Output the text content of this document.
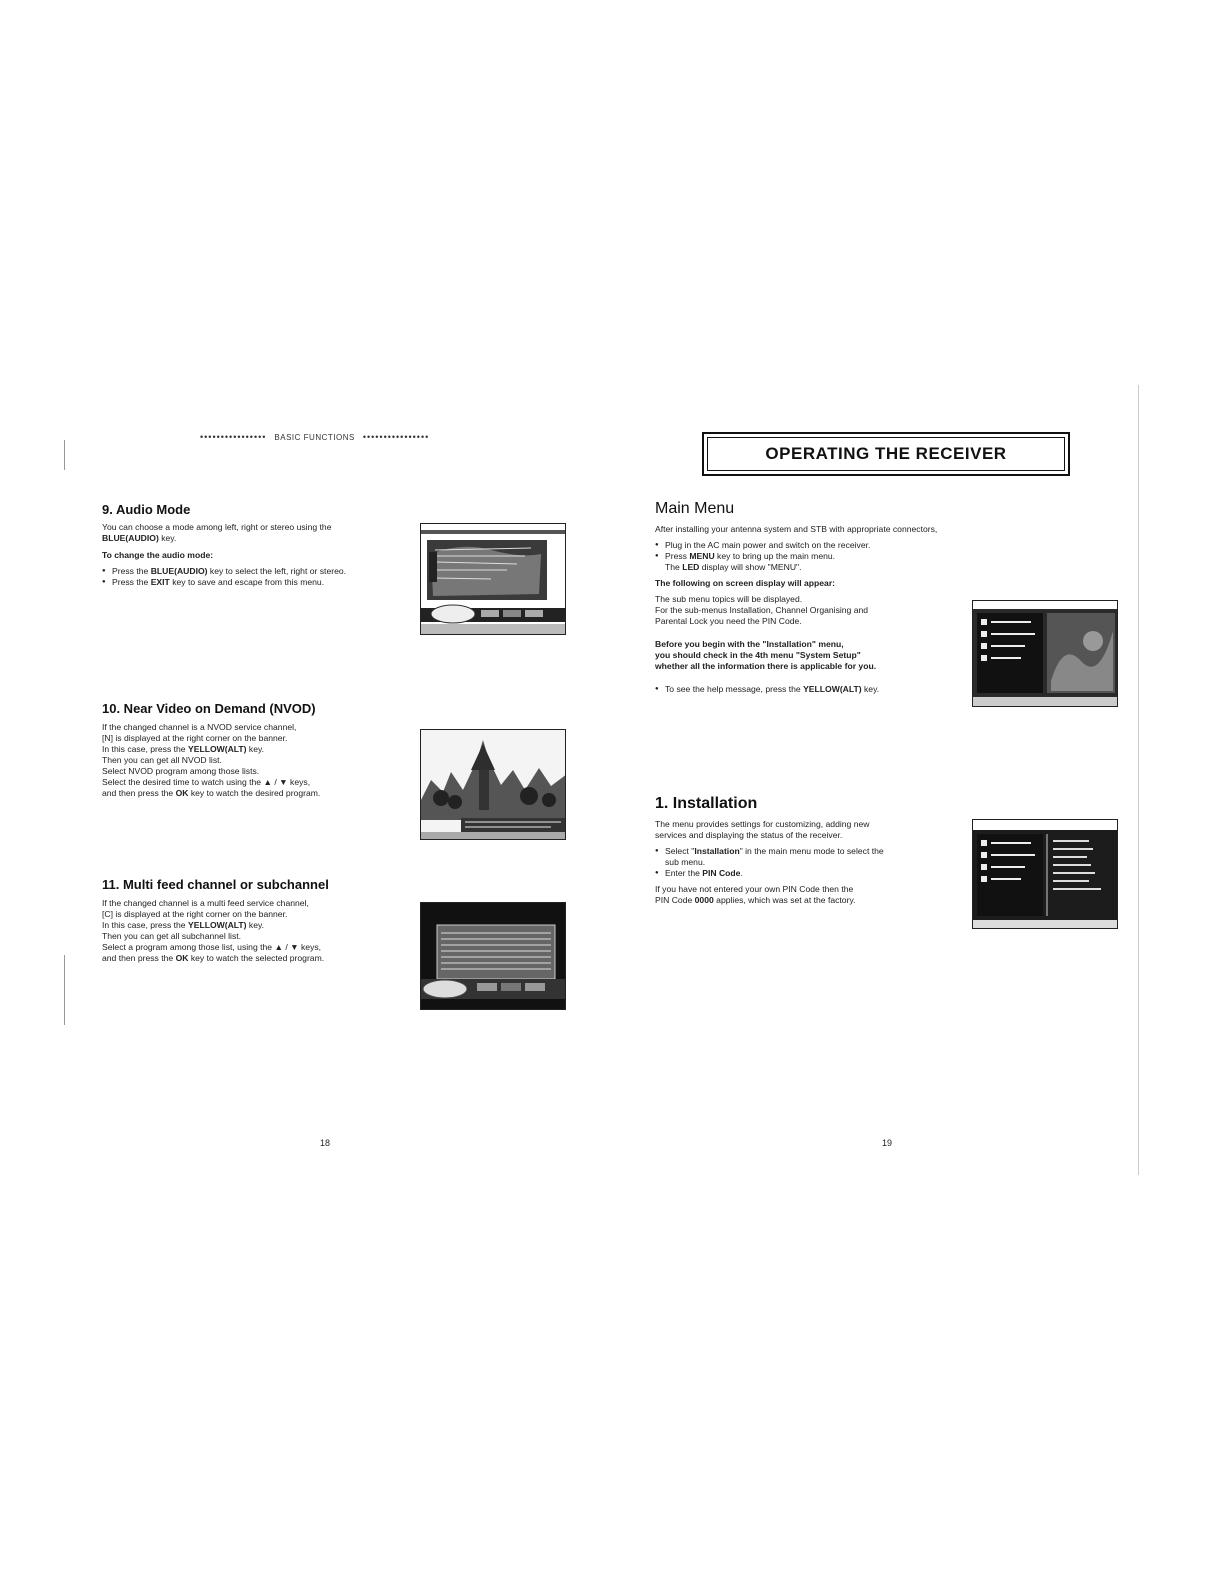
•••••••••••••••• BASIC FUNCTIONS ••••••••••••••••
OPERATING THE RECEIVER
9. Audio Mode
You can choose a mode among left, right or stereo using the
BLUE(AUDIO) key.
To change the audio mode:
● Press the BLUE(AUDIO) key to select the left, right or stereo.
● Press the EXIT key to save and escape from this menu.
10. Near Video on Demand (NVOD)
If the changed channel is a NVOD service channel,
[N] is displayed at the right corner on the banner.
In this case, press the YELLOW(ALT) key.
Then you can get all NVOD list.
Select NVOD program among those lists.
Select the desired time to watch using the ▲ / ▼ keys,
and then press the OK key to watch the desired program.
11. Multi feed channel or subchannel
If the changed channel is a multi feed service channel,
[C] is displayed at the right corner on the banner.
In this case, press the YELLOW(ALT) key.
Then you can get all subchannel list.
Select a program among those list, using the ▲ / ▼ keys,
and then press the OK key to watch the selected program.
18
Main Menu
After installing your antenna system and STB with appropriate connectors,
● Plug in the AC main power and switch on the receiver.
● Press MENU key to bring up the main menu.
The LED display will show "MENU".
The following on screen display will appear:
The sub menu topics will be displayed.
For the sub-menus Installation, Channel Organising and
Parental Lock you need the PIN Code.
Before you begin with the "Installation" menu,
you should check in the 4th menu "System Setup"
whether all the information there is applicable for you.
● To see the help message, press the YELLOW(ALT) key.
1. Installation
The menu provides settings for customizing, adding new
services and displaying the status of the receiver.
● Select "Installation" in the main menu mode to select the
sub menu.
● Enter the PIN Code.
If you have not entered your own PIN Code then the
PIN Code 0000 applies, which was set at the factory.
19
